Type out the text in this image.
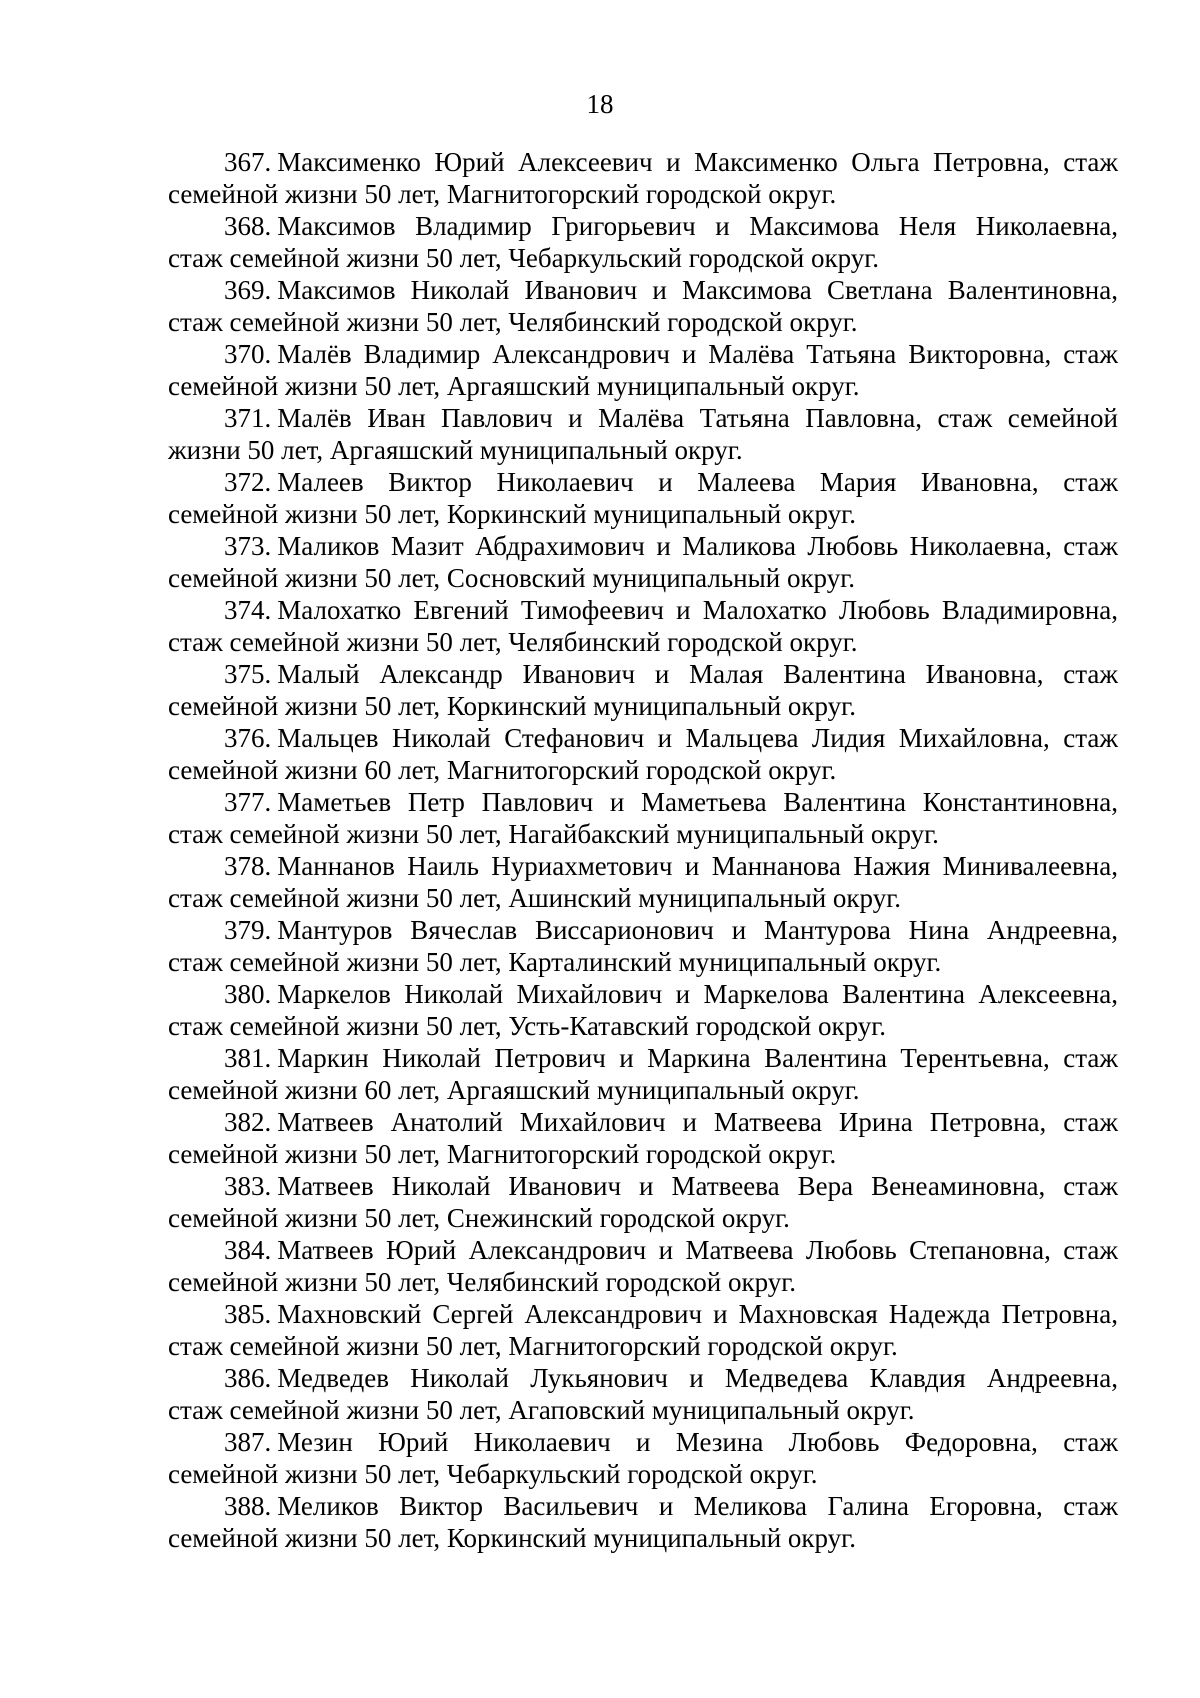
18
367. Максименко Юрий Алексеевич и Максименко Ольга Петровна, стаж
семейной жизни 50 лет, Магнитогорский городской округ.
368. Максимов Владимир Григорьевич и Максимова Неля Николаевна,
стаж семейной жизни 50 лет, Чебаркульский городской округ.
369. Максимов Николай Иванович и Максимова Светлана Валентиновна,
стаж семейной жизни 50 лет, Челябинский городской округ.
370. Малёв Владимир Александрович и Малёва Татьяна Викторовна, стаж
семейной жизни 50 лет, Аргаяшский муниципальный округ.
371. Малёв Иван Павлович и Малёва Татьяна Павловна, стаж семейной
жизни 50 лет, Аргаяшский муниципальный округ.
372. Малеев Виктор Николаевич и Малеева Мария Ивановна, стаж
семейной жизни 50 лет, Коркинский муниципальный округ.
373. Маликов Мазит Абдрахимович и Маликова Любовь Николаевна, стаж
семейной жизни 50 лет, Сосновский муниципальный округ.
374. Малохатко Евгений Тимофеевич и Малохатко Любовь Владимировна,
стаж семейной жизни 50 лет, Челябинский городской округ.
375. Малый Александр Иванович и Малая Валентина Ивановна, стаж
семейной жизни 50 лет, Коркинский муниципальный округ.
376. Мальцев Николай Стефанович и Мальцева Лидия Михайловна, стаж
семейной жизни 60 лет, Магнитогорский городской округ.
377. Маметьев Петр Павлович и Маметьева Валентина Константиновна,
стаж семейной жизни 50 лет, Нагайбакский муниципальный округ.
378. Маннанов Наиль Нуриахметович и Маннанова Нажия Минивалеевна,
стаж семейной жизни 50 лет, Ашинский муниципальный округ.
379. Мантуров Вячеслав Виссарионович и Мантурова Нина Андреевна,
стаж семейной жизни 50 лет, Карталинский муниципальный округ.
380. Маркелов Николай Михайлович и Маркелова Валентина Алексеевна,
стаж семейной жизни 50 лет, Усть-Катавский городской округ.
381. Маркин Николай Петрович и Маркина Валентина Терентьевна, стаж
семейной жизни 60 лет, Аргаяшский муниципальный округ.
382. Матвеев Анатолий Михайлович и Матвеева Ирина Петровна, стаж
семейной жизни 50 лет, Магнитогорский городской округ.
383. Матвеев Николай Иванович и Матвеева Вера Венеаминовна, стаж
семейной жизни 50 лет, Снежинский городской округ.
384. Матвеев Юрий Александрович и Матвеева Любовь Степановна, стаж
семейной жизни 50 лет, Челябинский городской округ.
385. Махновский Сергей Александрович и Махновская Надежда Петровна,
стаж семейной жизни 50 лет, Магнитогорский городской округ.
386. Медведев Николай Лукьянович и Медведева Клавдия Андреевна,
стаж семейной жизни 50 лет, Агаповский муниципальный округ.
387. Мезин Юрий Николаевич и Мезина Любовь Федоровна, стаж
семейной жизни 50 лет, Чебаркульский городской округ.
388. Меликов Виктор Васильевич и Меликова Галина Егоровна, стаж
семейной жизни 50 лет, Коркинский муниципальный округ.
